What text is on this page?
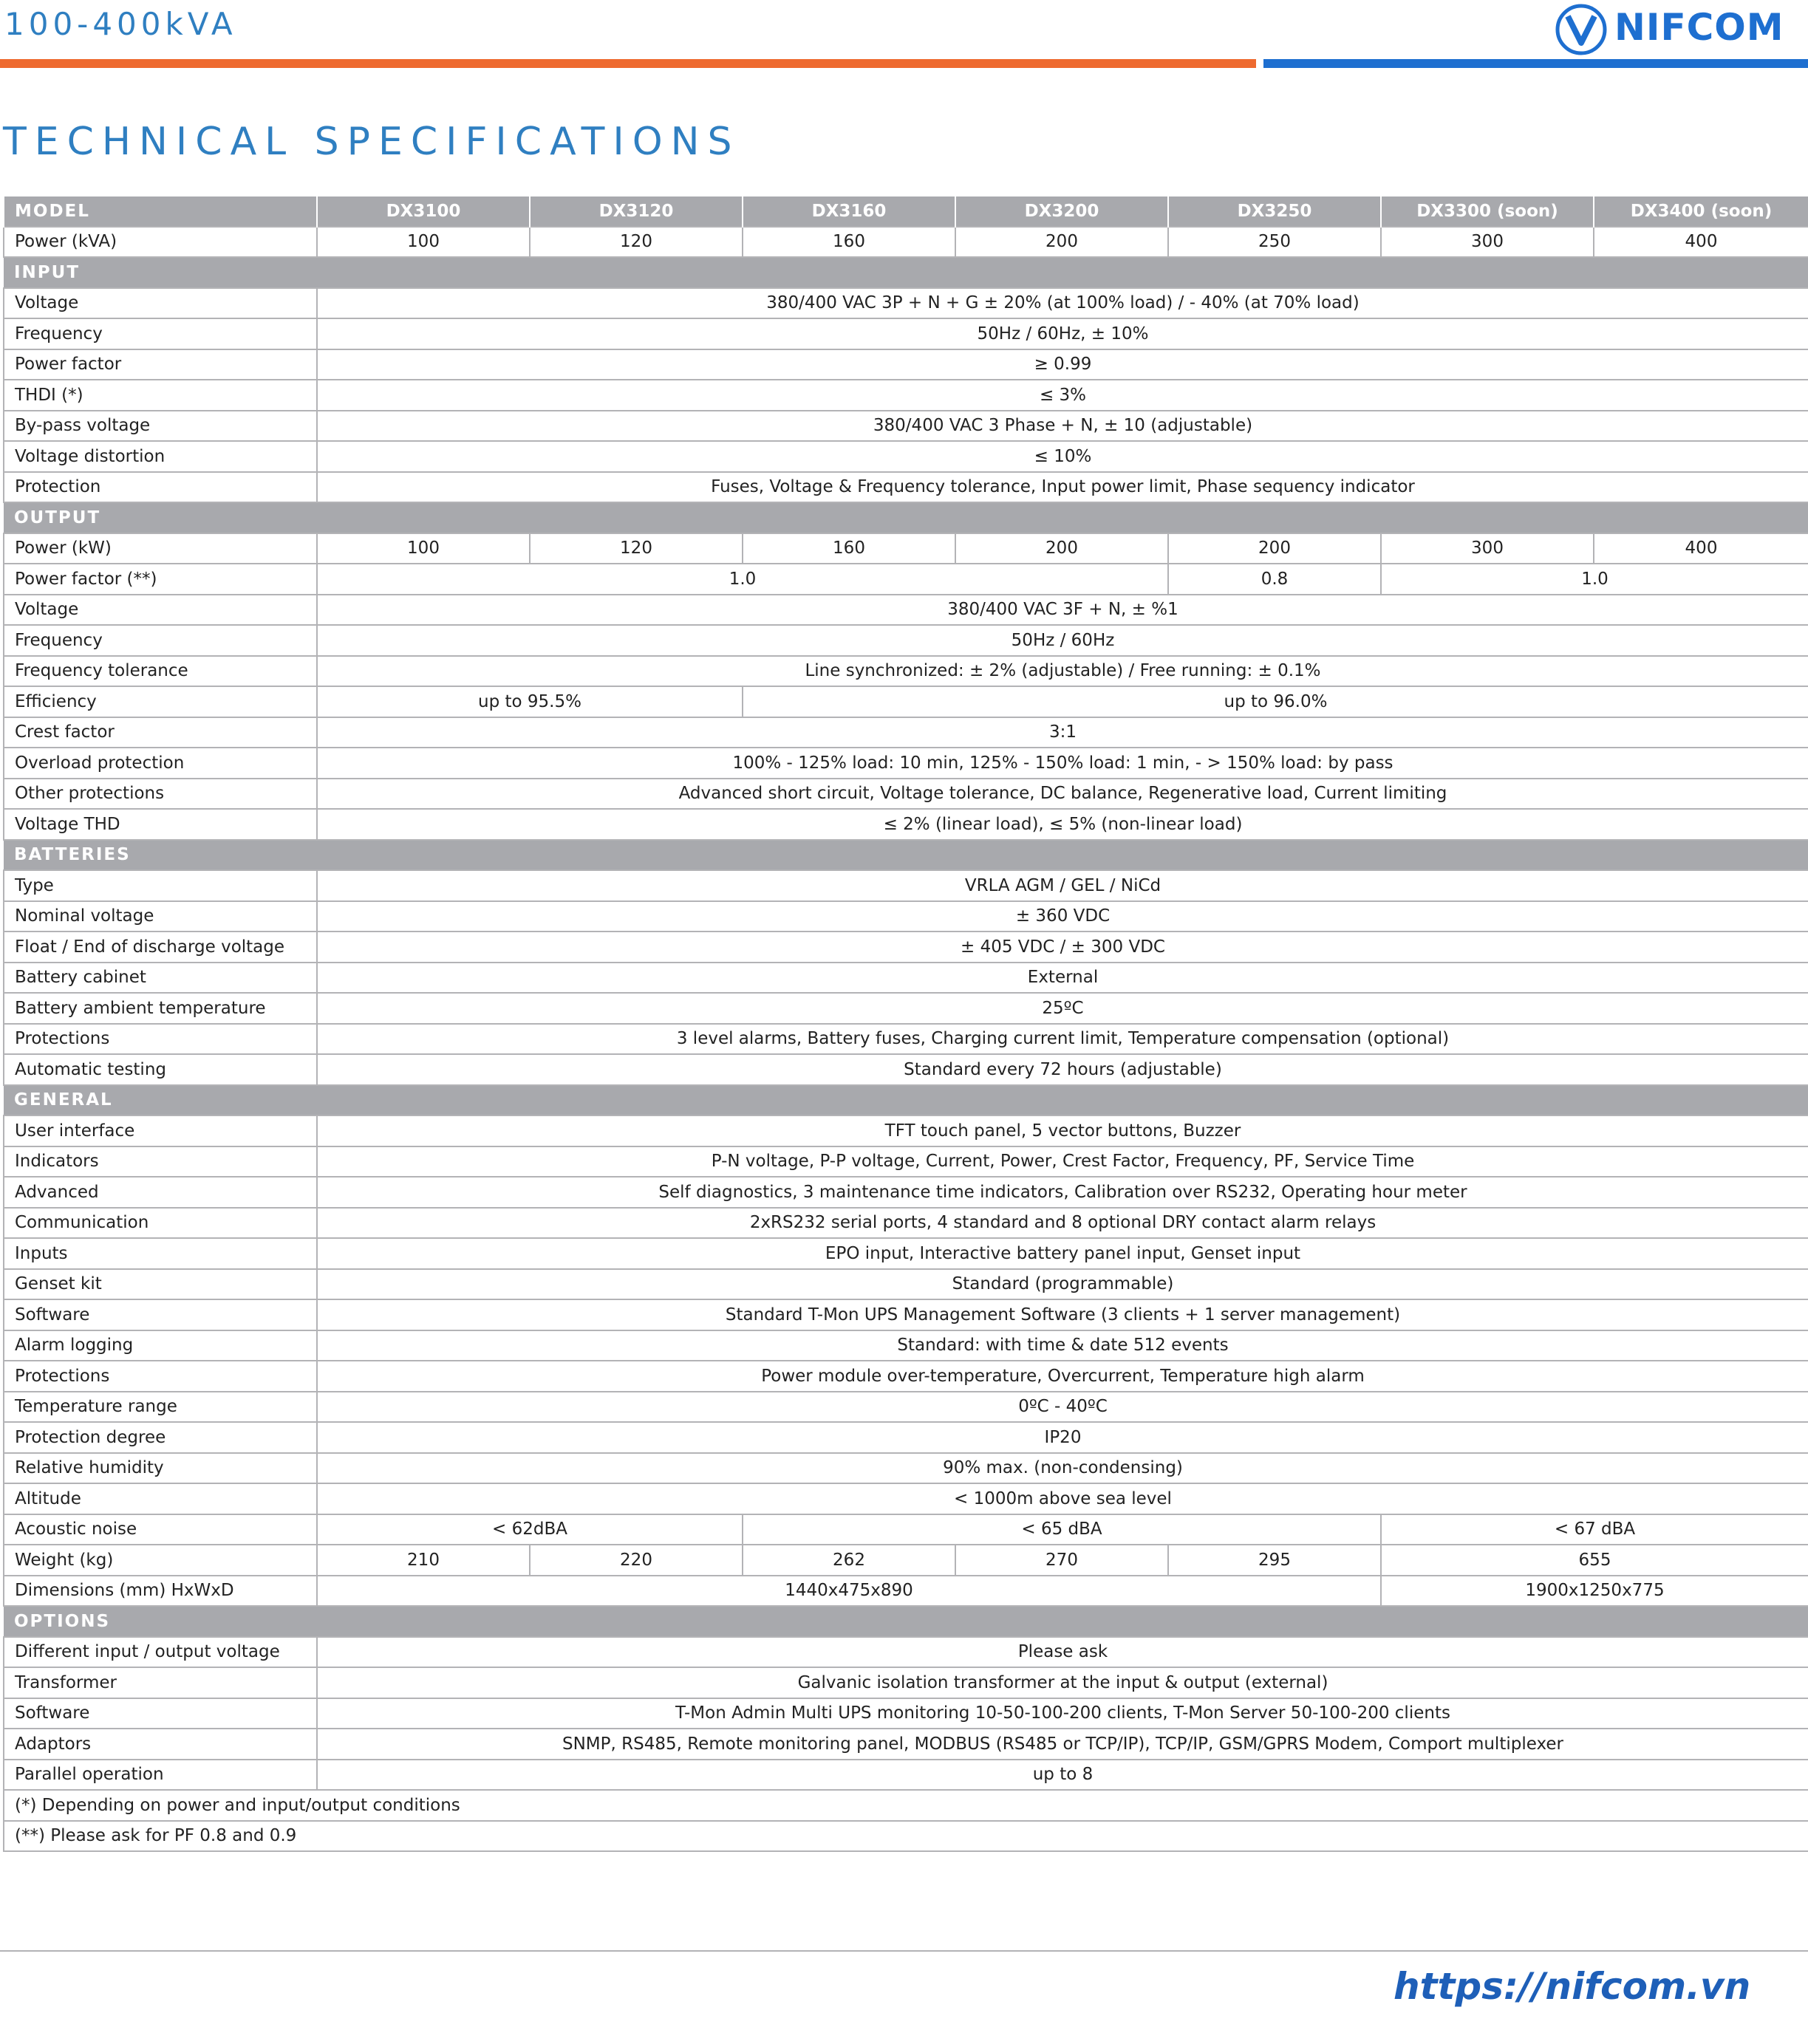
100-400kVA	NIFCOM
TECHNICAL SPECIFICATIONS
MODEL	DX3100	DX3120	DX3160	DX3200	DX3250	DX3300 (soon)	DX3400 (soon)
Power (kVA)	100	120	160	200	250	300	400
INPUT							
Voltage	380/400 VAC 3P + N + G ± 20% (at 100% load) / - 40% (at 70% load)						
Frequency	50Hz / 60Hz, ± 10%						
Power factor	≥ 0.99						
THDI (*)	≤ 3%						
By-pass voltage	380/400 VAC 3 Phase + N, ± 10 (adjustable)						
Voltage distortion	≤ 10%						
Protection	Fuses, Voltage & Frequency tolerance, Input power limit, Phase sequency indicator						
OUTPUT							
Power (kW)	100	120	160	200	200	300	400
Power factor (**)	1.0				0.8	1.0	
Voltage	380/400 VAC 3F + N, ± %1						
Frequency	50Hz / 60Hz						
Frequency tolerance	Line synchronized: ± 2% (adjustable) / Free running: ± 0.1%						
Efficiency	up to 95.5%		up to 96.0%				
Crest factor	3:1						
Overload protection	100% - 125% load: 10 min, 125% - 150% load: 1 min, - > 150% load: by pass						
Other protections	Advanced short circuit, Voltage tolerance, DC balance, Regenerative load, Current limiting						
Voltage THD	≤ 2% (linear load), ≤ 5% (non-linear load)						
BATTERIES							
Type	VRLA AGM / GEL / NiCd						
Nominal voltage	± 360 VDC						
Float / End of discharge voltage	± 405 VDC / ± 300 VDC						
Battery cabinet	External						
Battery ambient temperature	25ºC						
Protections	3 level alarms, Battery fuses, Charging current limit, Temperature compensation (optional)						
Automatic testing	Standard every 72 hours (adjustable)						
GENERAL							
User interface	TFT touch panel, 5 vector buttons, Buzzer						
Indicators	P-N voltage, P-P voltage, Current, Power, Crest Factor, Frequency, PF, Service Time						
Advanced	Self diagnostics, 3 maintenance time indicators, Calibration over RS232, Operating hour meter						
Communication	2xRS232 serial ports, 4 standard and 8 optional DRY contact alarm relays						
Inputs	EPO input, Interactive battery panel input, Genset input						
Genset kit	Standard (programmable)						
Software	Standard T-Mon UPS Management Software (3 clients + 1 server management)						
Alarm logging	Standard: with time & date 512 events						
Protections	Power module over-temperature, Overcurrent, Temperature high alarm						
Temperature range	0ºC - 40ºC						
Protection degree	IP20						
Relative humidity	90% max. (non-condensing)						
Altitude	< 1000m above sea level						
Acoustic noise	< 62dBA		< 65 dBA			< 67 dBA	
Weight (kg)	210	220	262	270	295	655	
Dimensions (mm) HxWxD	1440x475x890					1900x1250x775	
OPTIONS							
Different input / output voltage	Please ask						
Transformer	Galvanic isolation transformer at the input & output (external)						
Software	T-Mon Admin Multi UPS monitoring 10-50-100-200 clients, T-Mon Server 50-100-200 clients						
Adaptors	SNMP, RS485, Remote monitoring panel, MODBUS (RS485 or TCP/IP), TCP/IP, GSM/GPRS Modem, Comport multiplexer						
Parallel operation	up to 8						
(*) Depending on power and input/output conditions							
(**) Please ask for PF 0.8 and 0.9							
https://nifcom.vn
